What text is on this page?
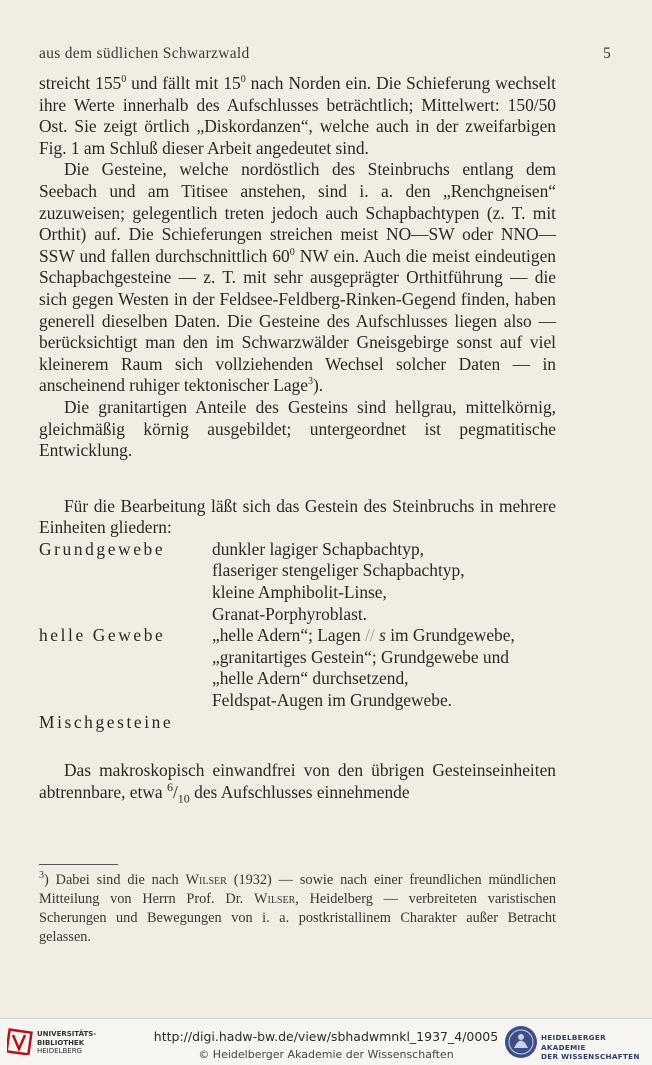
aus dem südlichen Schwarzwald	5

streicht $155^0$ und fällt mit $15^0$ nach Norden ein. Die Schieferung wechselt ihre Werte innerhalb des Aufschlusses beträchtlich; Mittelwert: 150/50 Ost. Sie zeigt örtlich „Diskordanzen“, welche auch in der zweifarbigen Fig. 1 am Schluß dieser Arbeit angedeutet sind.

Die Gesteine, welche nordöstlich des Steinbruchs entlang dem Seebach und am Titisee anstehen, sind i. a. den „Renchgneisen“ zuzuweisen; gelegentlich treten jedoch auch Schapbachtypen (z. T. mit Orthit) auf. Die Schieferungen streichen meist NO—SW oder NNO—SSW und fallen durchschnittlich $60^0$ NW ein. Auch die meist eindeutigen Schapbachgesteine — z. T. mit sehr ausgeprägter Orthitführung — die sich gegen Westen in der Feldsee-Feldberg-Rinken-Gegend finden, haben generell dieselben Daten. Die Gesteine des Aufschlusses liegen also — berücksichtigt man den im Schwarzwälder Gneisgebirge sonst auf viel kleinerem Raum sich vollziehenden Wechsel solcher Daten — in anscheinend ruhiger tektonischer Lage$^3$).

Die granitartigen Anteile des Gesteins sind hellgrau, mittelkörnig, gleichmäßig körnig ausgebildet; untergeordnet ist pegmatitische Entwicklung.

Für die Bearbeitung läßt sich das Gestein des Steinbruchs in mehrere Einheiten gliedern:

Grundgewebe	dunkler lagiger Schapbachtyp,
	flaseriger stengeliger Schapbachtyp,
	kleine Amphibolit-Linse,
	Granat-Porphyroblast.
helle Gewebe	„helle Adern“; Lagen // s im Grundgewebe,
	„granitartiges Gestein“; Grundgewebe und
	„helle Adern“ durchsetzend,
	Feldspat-Augen im Grundgewebe.
Mischgesteine	

Das makroskopisch einwandfrei von den übrigen Gesteinseinheiten abtrennbare, etwa $^6/_{10}$ des Aufschlusses einnehmende

$^3$) Dabei sind die nach Wilser (1932) — sowie nach einer freundlichen mündlichen Mitteilung von Herrn Prof. Dr. Wilser, Heidelberg — verbreiteten varistischen Scherungen und Bewegungen von i. a. postkristallinem Charakter außer Betracht gelassen.
UNIVERSITÄTS-
BIBLIOTHEK
HEIDELBERG
http://digi.hadw-bw.de/view/sbhadwmnkl_1937_4/0005
© Heidelberger Akademie der Wissenschaften
HEIDELBERGER AKADEMIE
DER WISSENSCHAFTEN
